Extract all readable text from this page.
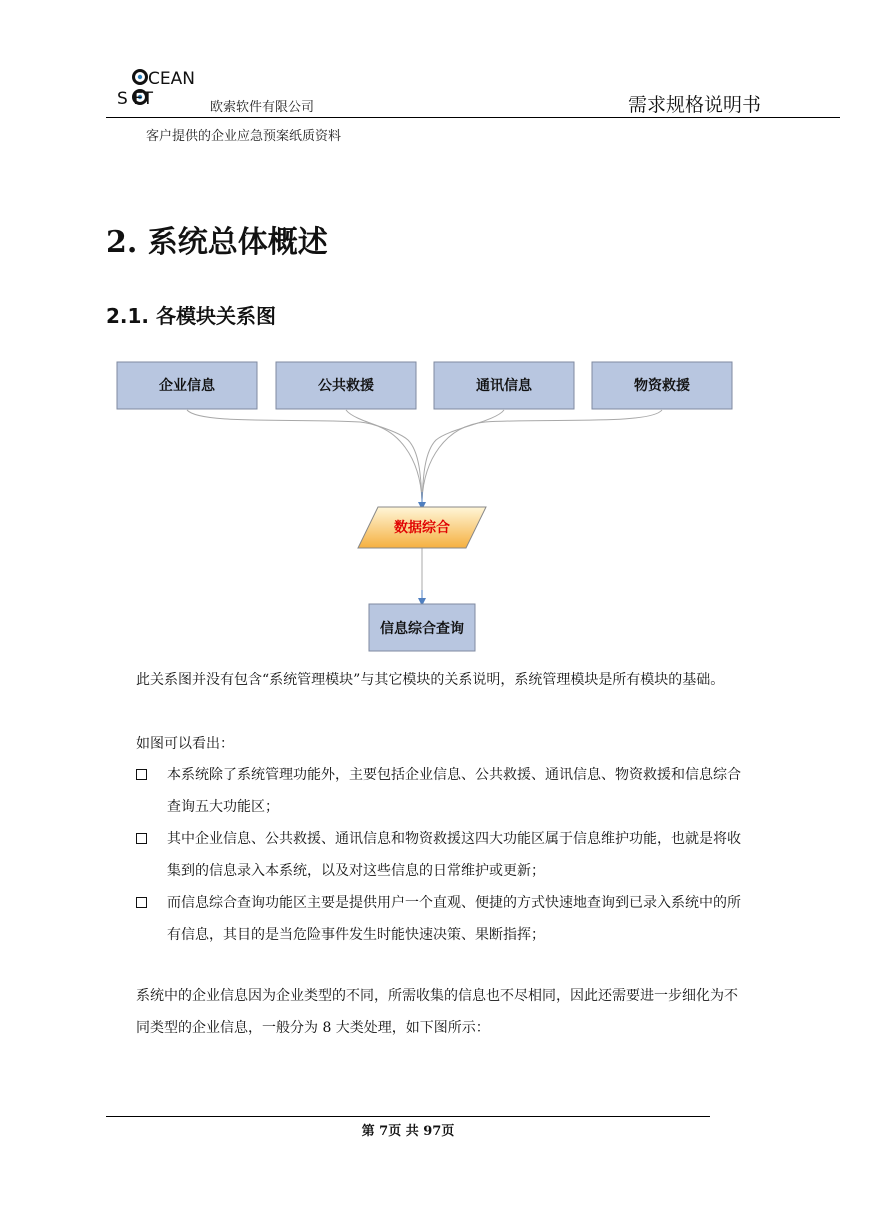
CEAN
S FT	欧索软件有限公司	需求规格说明书
客户提供的企业应急预案纸质资料
2. 系统总体概述
2.1. 各模块关系图
企业信息	公共救援	通讯信息	物资救援
数据综合
信息综合查询
此关系图并没有包含“系统管理模块”与其它模块的关系说明，系统管理模块是所有模块的基础。
如图可以看出：
本系统除了系统管理功能外，主要包括企业信息、公共救援、通讯信息、物资救援和信息综合查询五大功能区；
其中企业信息、公共救援、通讯信息和物资救援这四大功能区属于信息维护功能，也就是将收集到的信息录入本系统，以及对这些信息的日常维护或更新；
而信息综合查询功能区主要是提供用户一个直观、便捷的方式快速地查询到已录入系统中的所有信息，其目的是当危险事件发生时能快速决策、果断指挥；
系统中的企业信息因为企业类型的不同，所需收集的信息也不尽相同，因此还需要进一步细化为不同类型的企业信息，一般分为 8 大类处理，如下图所示：
第 7页 共 97页
